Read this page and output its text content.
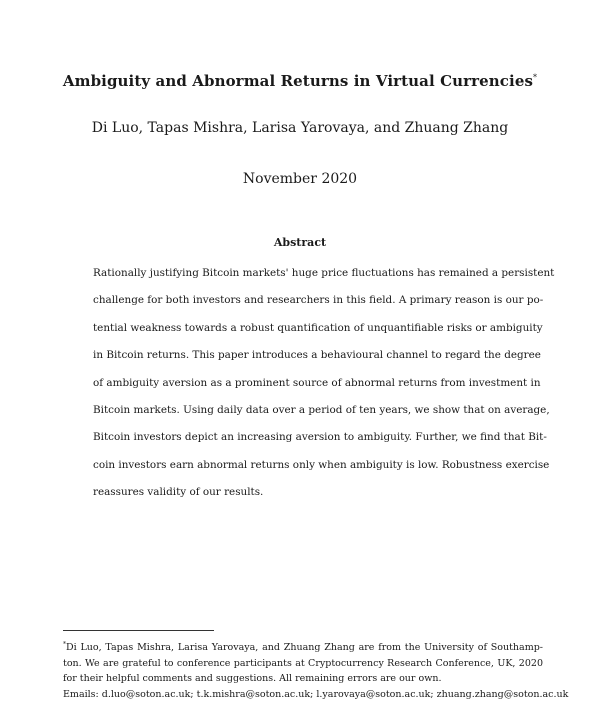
Ambiguity and Abnormal Returns in Virtual Currencies*
Di Luo, Tapas Mishra, Larisa Yarovaya, and Zhuang Zhang
November 2020
Abstract
Rationally justifying Bitcoin markets' huge price fluctuations has remained a persistent
challenge for both investors and researchers in this field. A primary reason is our po-
tential weakness towards a robust quantification of unquantifiable risks or ambiguity
in Bitcoin returns. This paper introduces a behavioural channel to regard the degree
of ambiguity aversion as a prominent source of abnormal returns from investment in
Bitcoin markets. Using daily data over a period of ten years, we show that on average,
Bitcoin investors depict an increasing aversion to ambiguity. Further, we find that Bit-
coin investors earn abnormal returns only when ambiguity is low. Robustness exercise
reassures validity of our results.
*Di Luo, Tapas Mishra, Larisa Yarovaya, and Zhuang Zhang are from the University of Southamp-
ton. We are grateful to conference participants at Cryptocurrency Research Conference, UK, 2020
for their helpful comments and suggestions. All remaining errors are our own.
Emails: d.luo@soton.ac.uk; t.k.mishra@soton.ac.uk; l.yarovaya@soton.ac.uk; zhuang.zhang@soton.ac.uk
